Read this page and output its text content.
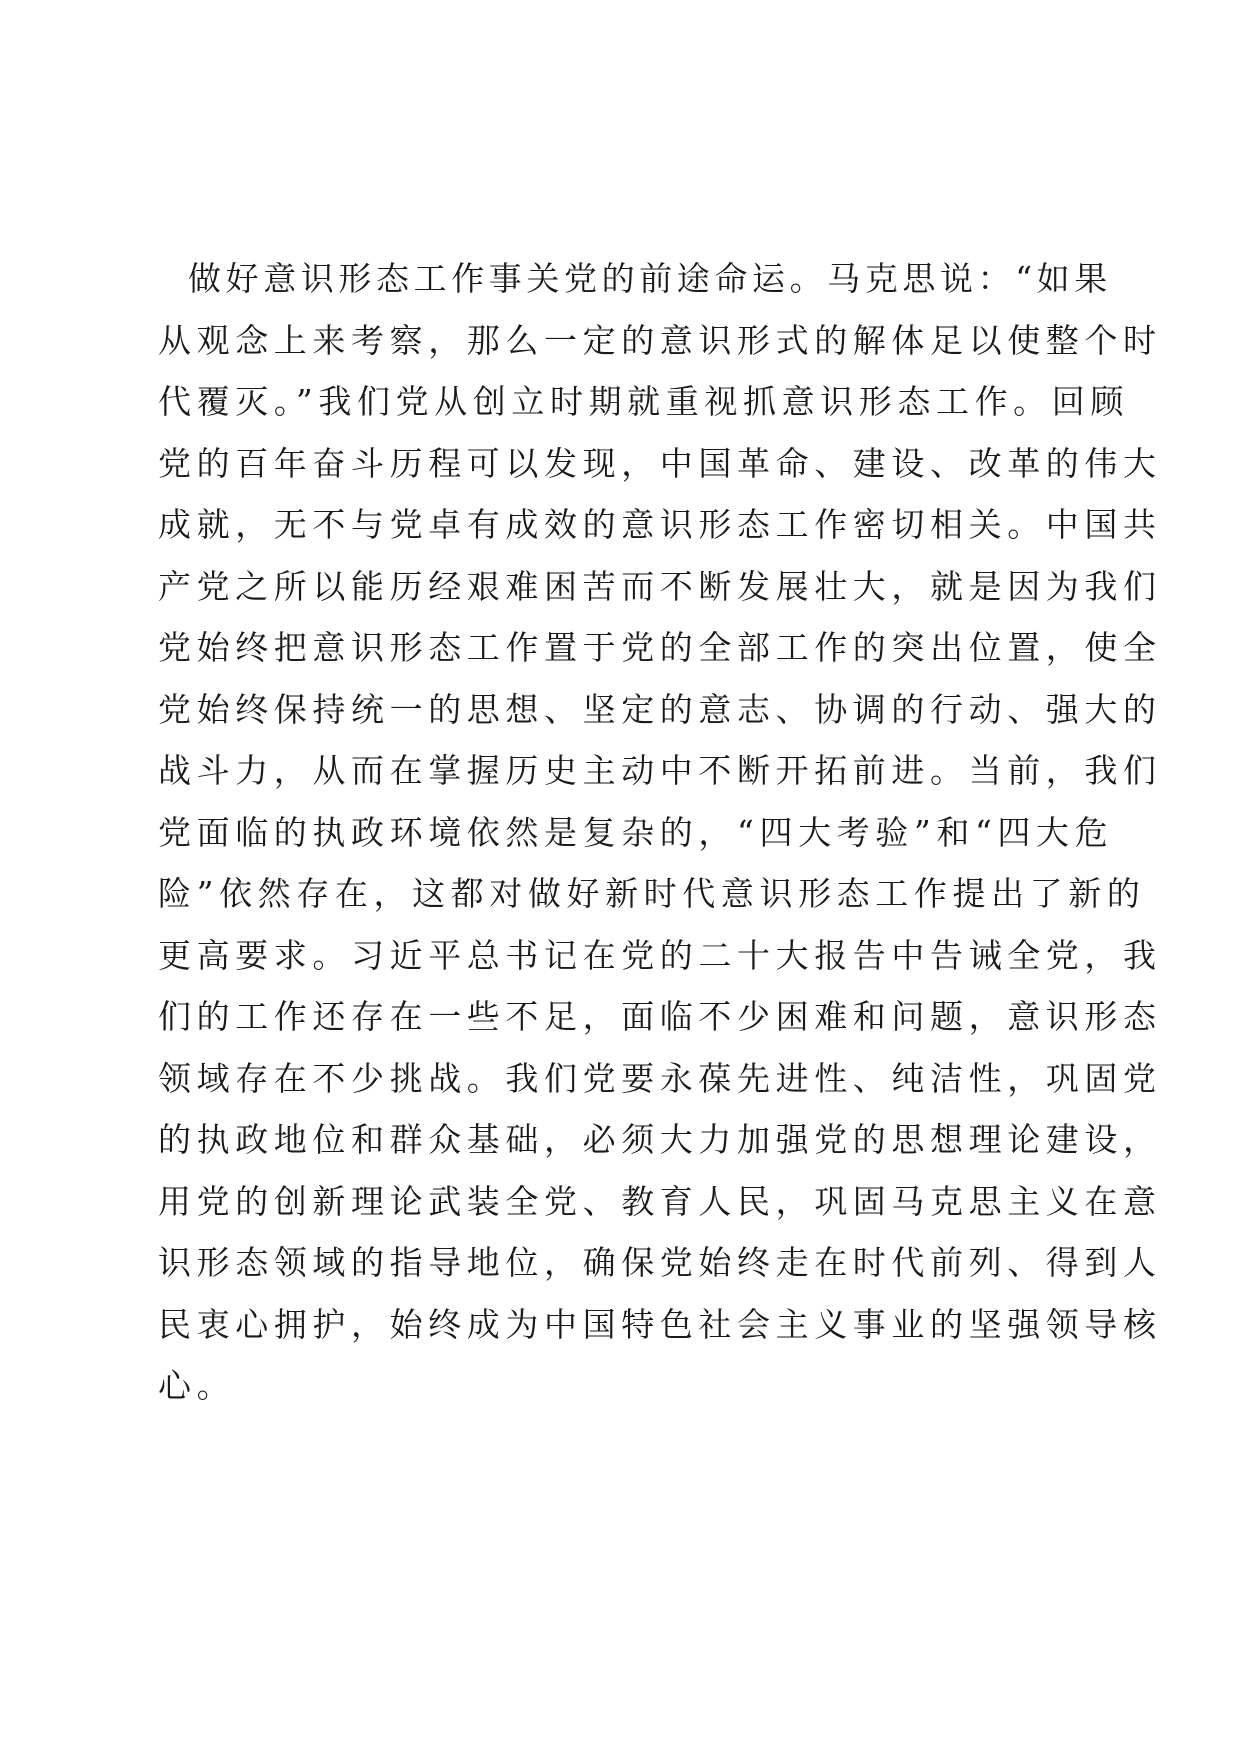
做好意识形态工作事关党的前途命运。马克思说：“如果
从观念上来考察，那么一定的意识形式的解体足以使整个时
代覆灭。”我们党从创立时期就重视抓意识形态工作。回顾
党的百年奋斗历程可以发现，中国革命、建设、改革的伟大
成就，无不与党卓有成效的意识形态工作密切相关。中国共
产党之所以能历经艰难困苦而不断发展壮大，就是因为我们
党始终把意识形态工作置于党的全部工作的突出位置，使全
党始终保持统一的思想、坚定的意志、协调的行动、强大的
战斗力，从而在掌握历史主动中不断开拓前进。当前，我们
党面临的执政环境依然是复杂的，“四大考验”和“四大危
险”依然存在，这都对做好新时代意识形态工作提出了新的
更高要求。习近平总书记在党的二十大报告中告诫全党，我
们的工作还存在一些不足，面临不少困难和问题，意识形态
领域存在不少挑战。我们党要永葆先进性、纯洁性，巩固党
的执政地位和群众基础，必须大力加强党的思想理论建设，
用党的创新理论武装全党、教育人民，巩固马克思主义在意
识形态领域的指导地位，确保党始终走在时代前列、得到人
民衷心拥护，始终成为中国特色社会主义事业的坚强领导核
心。
